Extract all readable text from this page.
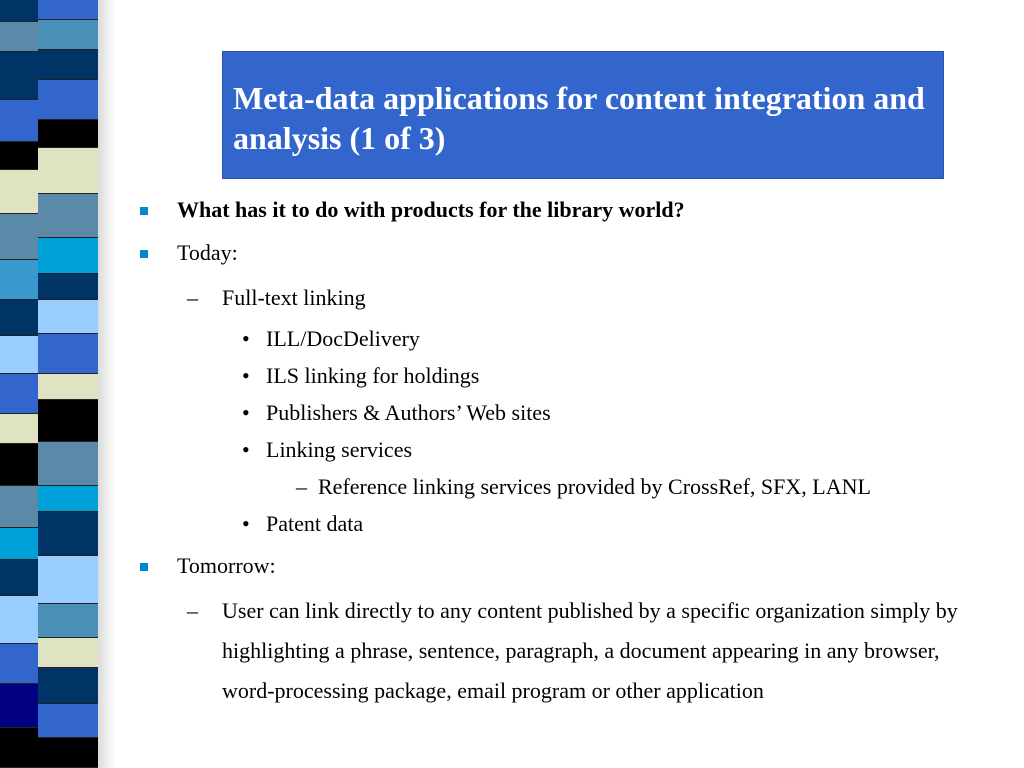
Meta-data applications for content integration and analysis (1 of 3)
What has it to do with products for the library world?
Today:
– Full-text linking
• ILL/DocDelivery
• ILS linking for holdings
• Publishers & Authors’ Web sites
• Linking services
– Reference linking services provided by CrossRef, SFX, LANL
• Patent data
Tomorrow:
– User can link directly to any content published by a specific organization simply by highlighting a phrase, sentence, paragraph, a document appearing in any browser, word-processing package, email program or other application
